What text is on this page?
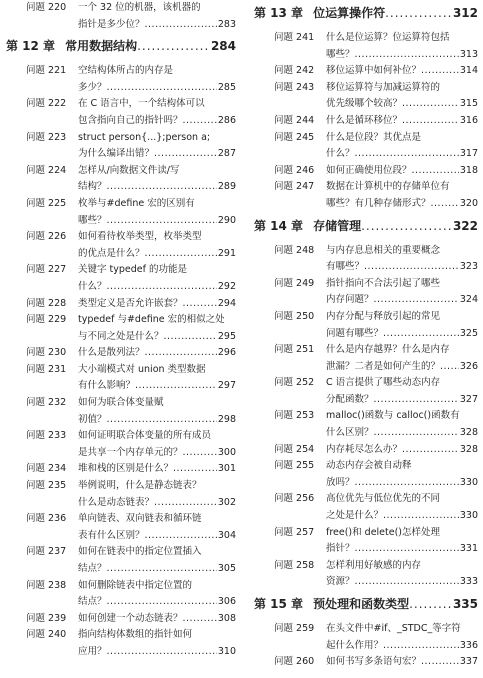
问题 220	一个 32 位的机器，该机器的
指针是多少位？ .....	283
第 12 章 常用数据结构 .....	284
问题 221	空结构体所占的内存是
多少？ .....	285
问题 222	在 C 语言中，一个结构体可以
包含指向自己的指针吗？ .....	286
问题 223	struct person{...};person a;
为什么编译出错？ .....	287
问题 224	怎样从/向数据文件读/写
结构？ .....	289
问题 225	枚举与#define 宏的区别有
哪些？ .....	290
问题 226	如何看待枚举类型，枚举类型
的优点是什么？ .....	291
问题 227	关键字 typedef 的功能是
什么？ .....	292
问题 228	类型定义是否允许嵌套？ .....	294
问题 229	typedef 与#define 宏的相似之处
与不同之处是什么？ .....	295
问题 230	什么是散列法？ .....	296
问题 231	大小端模式对 union 类型数据
有什么影响？ .....	297
问题 232	如何为联合体变量赋
初值？ .....	298
问题 233	如何证明联合体变量的所有成员
是共享一个内存单元的？ .....	300
问题 234	堆和栈的区别是什么？ .....	301
问题 235	举例说明，什么是静态链表？
什么是动态链表？ .....	302
问题 236	单向链表、双向链表和循环链
表有什么区别？ .....	304
问题 237	如何在链表中的指定位置插入
结点？ .....	305
问题 238	如何删除链表中指定位置的
结点？ .....	306
问题 239	如何创建一个动态链表？ .....	308
问题 240	指向结构体数组的指针如何
应用？ .....	310
第 13 章 位运算操作符 .....	312
问题 241	什么是位运算？位运算符包括
哪些？ .....	313
问题 242	移位运算中如何补位？ .....	314
问题 243	移位运算符与加减运算符的
优先级哪个较高？ .....	315
问题 244	什么是循环移位？ .....	316
问题 245	什么是位段？其优点是
什么？ .....	317
问题 246	如何正确使用位段？ .....	318
问题 247	数据在计算机中的存储单位有
哪些？有几种存储形式？ .....	320
第 14 章 存储管理 .....	322
问题 248	与内存息息相关的重要概念
有哪些？ .....	323
问题 249	指针指向不合法引起了哪些
内存问题？ .....	324
问题 250	内存分配与释放引起的常见
问题有哪些？ .....	325
问题 251	什么是内存越界？什么是内存
泄漏？二者是如何产生的？ ..... 326
问题 252	C 语言提供了哪些动态内存
分配函数？ .....	327
问题 253	malloc()函数与 calloc()函数有
什么区别？ .....	328
问题 254	内存耗尽怎么办？ .....	328
问题 255	动态内存会被自动释
放吗？ .....	330
问题 256	高位优先与低位优先的不同
之处是什么？ .....	330
问题 257	free()和 delete()怎样处理
指针？ .....	331
问题 258	怎样利用好敏感的内存
资源？ .....	333
第 15 章 预处理和函数类型 .....	335
问题 259	在头文件中#if、_STDC_等字符
起什么作用？ .....	336
问题 260	如何书写多条语句宏？ .....	337
